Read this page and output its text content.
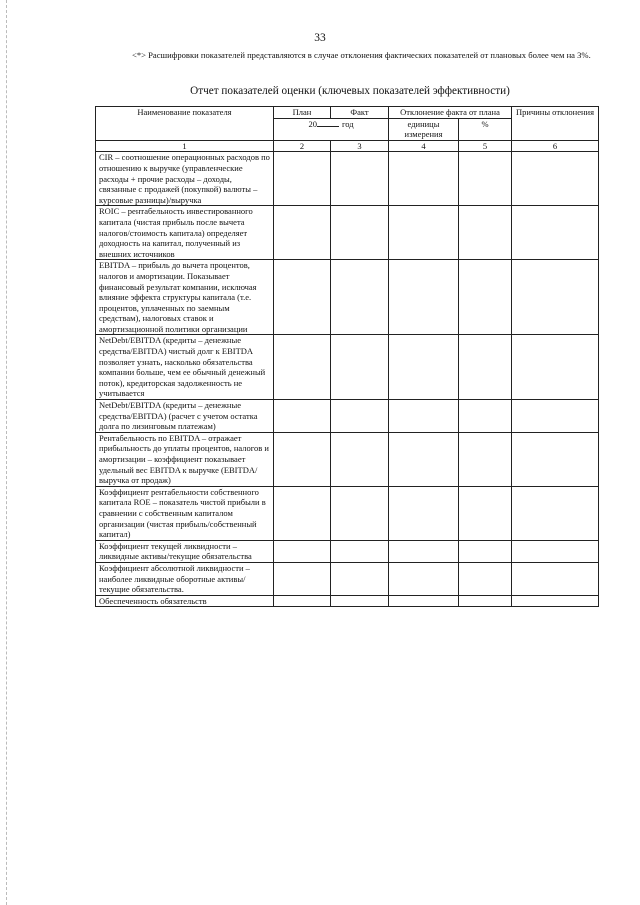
33
<*> Расшифровки показателей представляются в случае отклонения фактических показателей от плановых более чем на 3%.
Отчет показателей оценки (ключевых показателей эффективности)
Наименование показателя	План	Факт	Отклонение факта от плана		Причины отклонения
	20 год		единицы измерения	%	
1	2	3	4	5	6
CIR – соотношение операционных расходов по отношению к выручке (управленческие расходы + прочие расходы – доходы, связанные с продажей (покупкой) валюты – курсовые разницы)/выручка					
ROIC – рентабельность инвестированного капитала (чистая прибыль после вычета налогов/стоимость капитала) определяет доходность на капитал, полученный из внешних источников					
EBITDA – прибыль до вычета процентов, налогов и амортизации. Показывает финансовый результат компании, исключая влияние эффекта структуры капитала (т.е. процентов, уплаченных по заемным средствам), налоговых ставок и амортизационной политики организации					
NetDebt/EBITDA (кредиты – денежные средства/EBITDA) чистый долг к EBITDA позволяет узнать, насколько обязательства компании больше, чем ее обычный денежный поток), кредиторская задолженность не учитывается					
NetDebt/EBITDA (кредиты – денежные средства/EBITDA) (расчет с учетом остатка долга по лизинговым платежам)					
Рентабельность по EBITDA – отражает прибыльность до уплаты процентов, налогов и амортизации – коэффициент показывает удельный вес EBITDA к выручке (EBITDA/выручка от продаж)					
Коэффициент рентабельности собственного капитала ROE – показатель чистой прибыли в сравнении с собственным капиталом организации (чистая прибыль/собственный капитал)					
Коэффициент текущей ликвидности – ликвидные активы/текущие обязательства					
Коэффициент абсолютной ликвидности – наиболее ликвидные оборотные активы/текущие обязательства.					
Обеспеченность обязательств					
